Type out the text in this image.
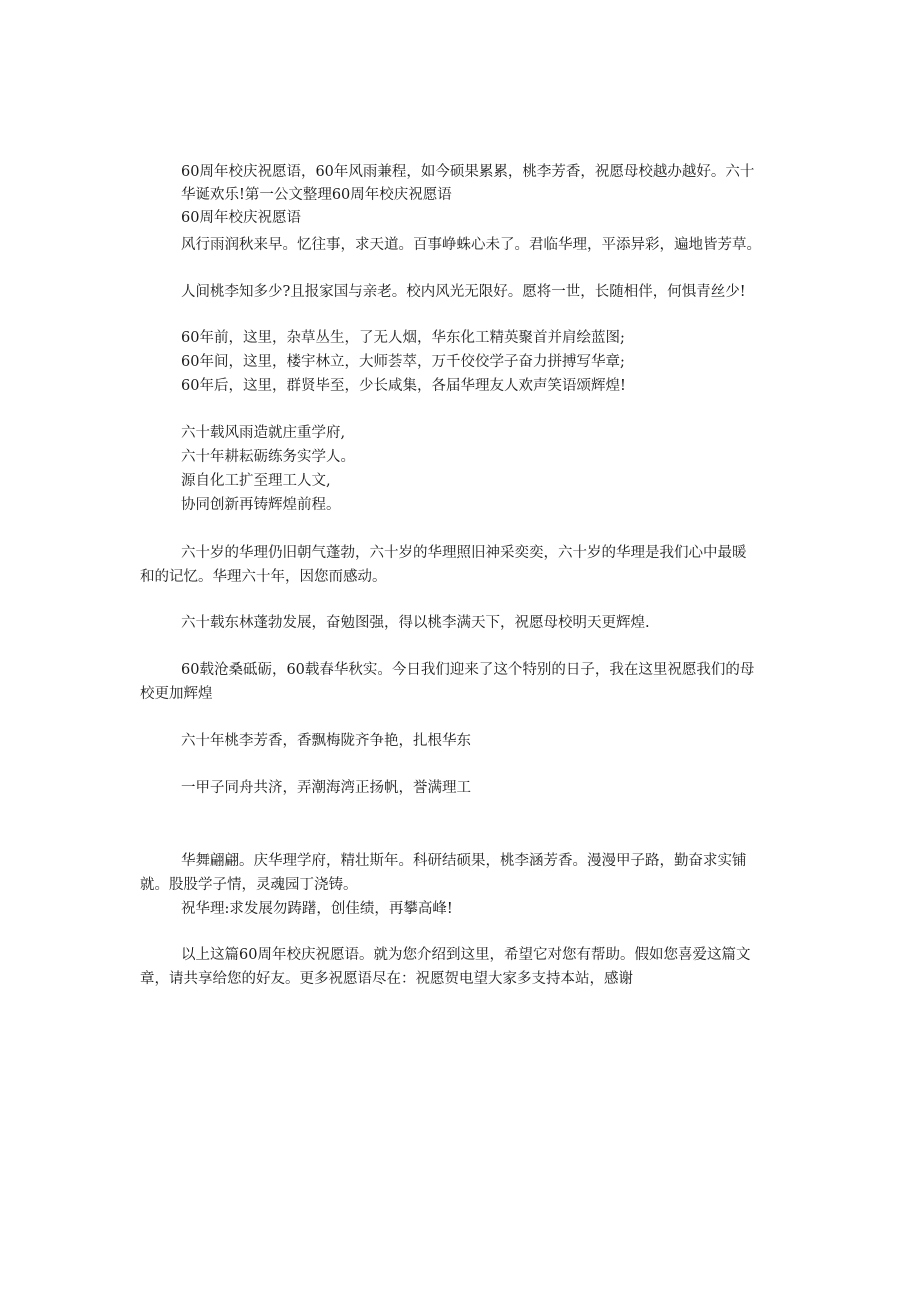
60周年校庆祝愿语，60年风雨兼程，如今硕果累累，桃李芳香，祝愿母校越办越好。六十

华诞欢乐!第一公文整理60周年校庆祝愿语

60周年校庆祝愿语

风行雨润秋来早。忆往事，求天道。百事峥蛛心未了。君临华理，平添异彩，遍地皆芳草。

人间桃李知多少?且报家国与亲老。校内风光无限好。愿将一世，长随相伴，何惧青丝少!

60年前，这里，杂草丛生，了无人烟，华东化工精英聚首并肩绘蓝图;

60年间，这里，楼宇林立，大师荟萃，万千佼佼学子奋力拼搏写华章;

60年后，这里，群贤毕至，少长咸集，各届华理友人欢声笑语颂辉煌!

六十载风雨造就庄重学府,

六十年耕耘砺练务实学人。

源自化工扩至理工人文,

协同创新再铸辉煌前程。

六十岁的华理仍旧朝气蓬勃，六十岁的华理照旧神采奕奕，六十岁的华理是我们心中最暖

和的记忆。华理六十年，因您而感动。

六十载东林蓬勃发展，奋勉图强，得以桃李满天下，祝愿母校明天更辉煌.

60载沧桑砥砺，60载春华秋实。今日我们迎来了这个特别的日子，我在这里祝愿我们的母

校更加辉煌

六十年桃李芳香，香飘梅陇齐争艳，扎根华东

一甲子同舟共济，弄潮海湾正扬帆，誉满理工

华舞翩翩。庆华理学府，精壮斯年。科研结硕果，桃李涵芳香。漫漫甲子路，勤奋求实铺

就。股股学子情，灵魂园丁浇铸。

祝华理:求发展勿踌躇，创佳绩，再攀高峰!

以上这篇60周年校庆祝愿语。就为您介绍到这里，希望它对您有帮助。假如您喜爱这篇文

章，请共享给您的好友。更多祝愿语尽在：祝愿贺电望大家多支持本站，感谢
